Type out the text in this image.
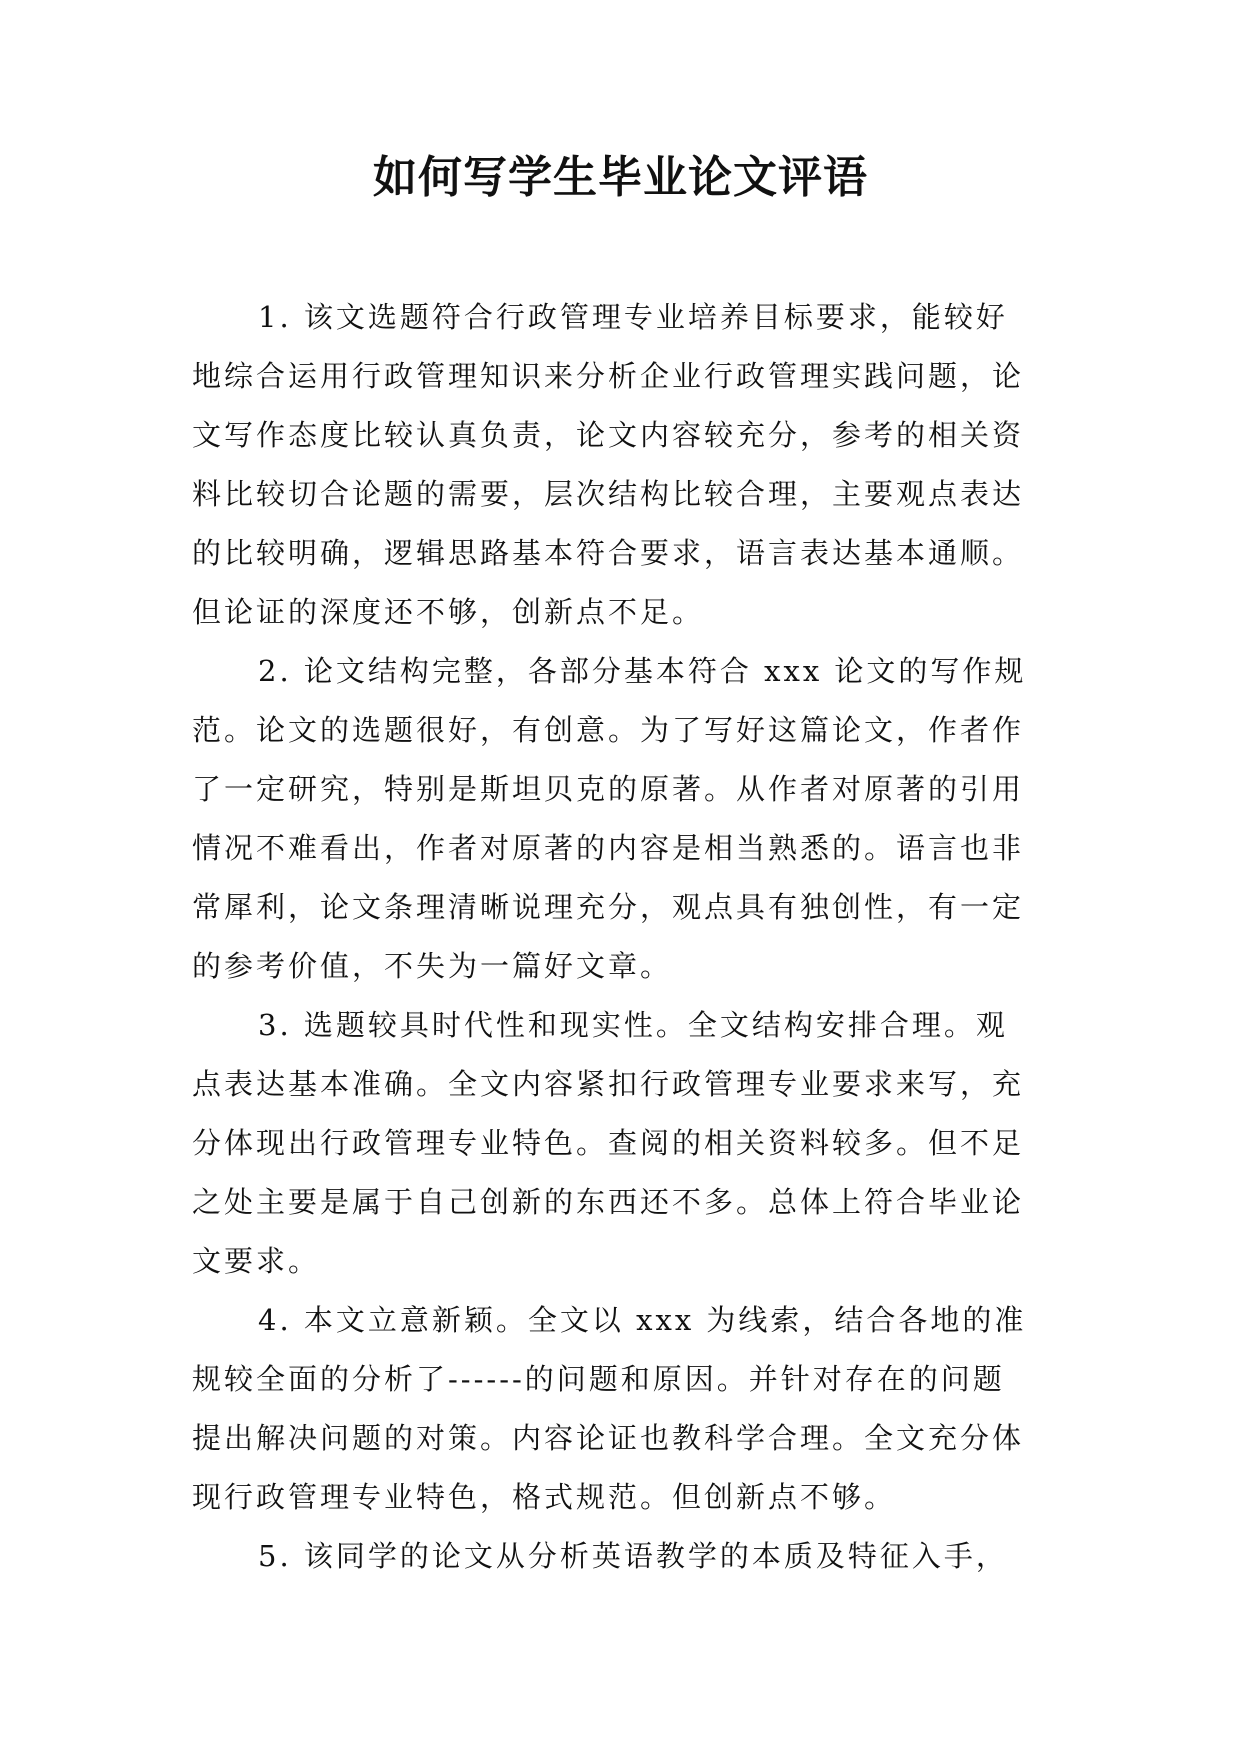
如何写学生毕业论文评语

1. 该文选题符合行政管理专业培养目标要求，能较好

地综合运用行政管理知识来分析企业行政管理实践问题，论

文写作态度比较认真负责，论文内容较充分，参考的相关资

料比较切合论题的需要，层次结构比较合理，主要观点表达

的比较明确，逻辑思路基本符合要求，语言表达基本通顺。

但论证的深度还不够，创新点不足。

2. 论文结构完整，各部分基本符合 xxx 论文的写作规

范。论文的选题很好，有创意。为了写好这篇论文，作者作

了一定研究，特别是斯坦贝克的原著。从作者对原著的引用

情况不难看出，作者对原著的内容是相当熟悉的。语言也非

常犀利，论文条理清晰说理充分，观点具有独创性，有一定

的参考价值，不失为一篇好文章。

3. 选题较具时代性和现实性。全文结构安排合理。观

点表达基本准确。全文内容紧扣行政管理专业要求来写，充

分体现出行政管理专业特色。查阅的相关资料较多。但不足

之处主要是属于自己创新的东西还不多。总体上符合毕业论

文要求。

4. 本文立意新颖。全文以 xxx 为线索，结合各地的准

规较全面的分析了------的问题和原因。并针对存在的问题

提出解决问题的对策。内容论证也教科学合理。全文充分体

现行政管理专业特色，格式规范。但创新点不够。

5. 该同学的论文从分析英语教学的本质及特征入手，
